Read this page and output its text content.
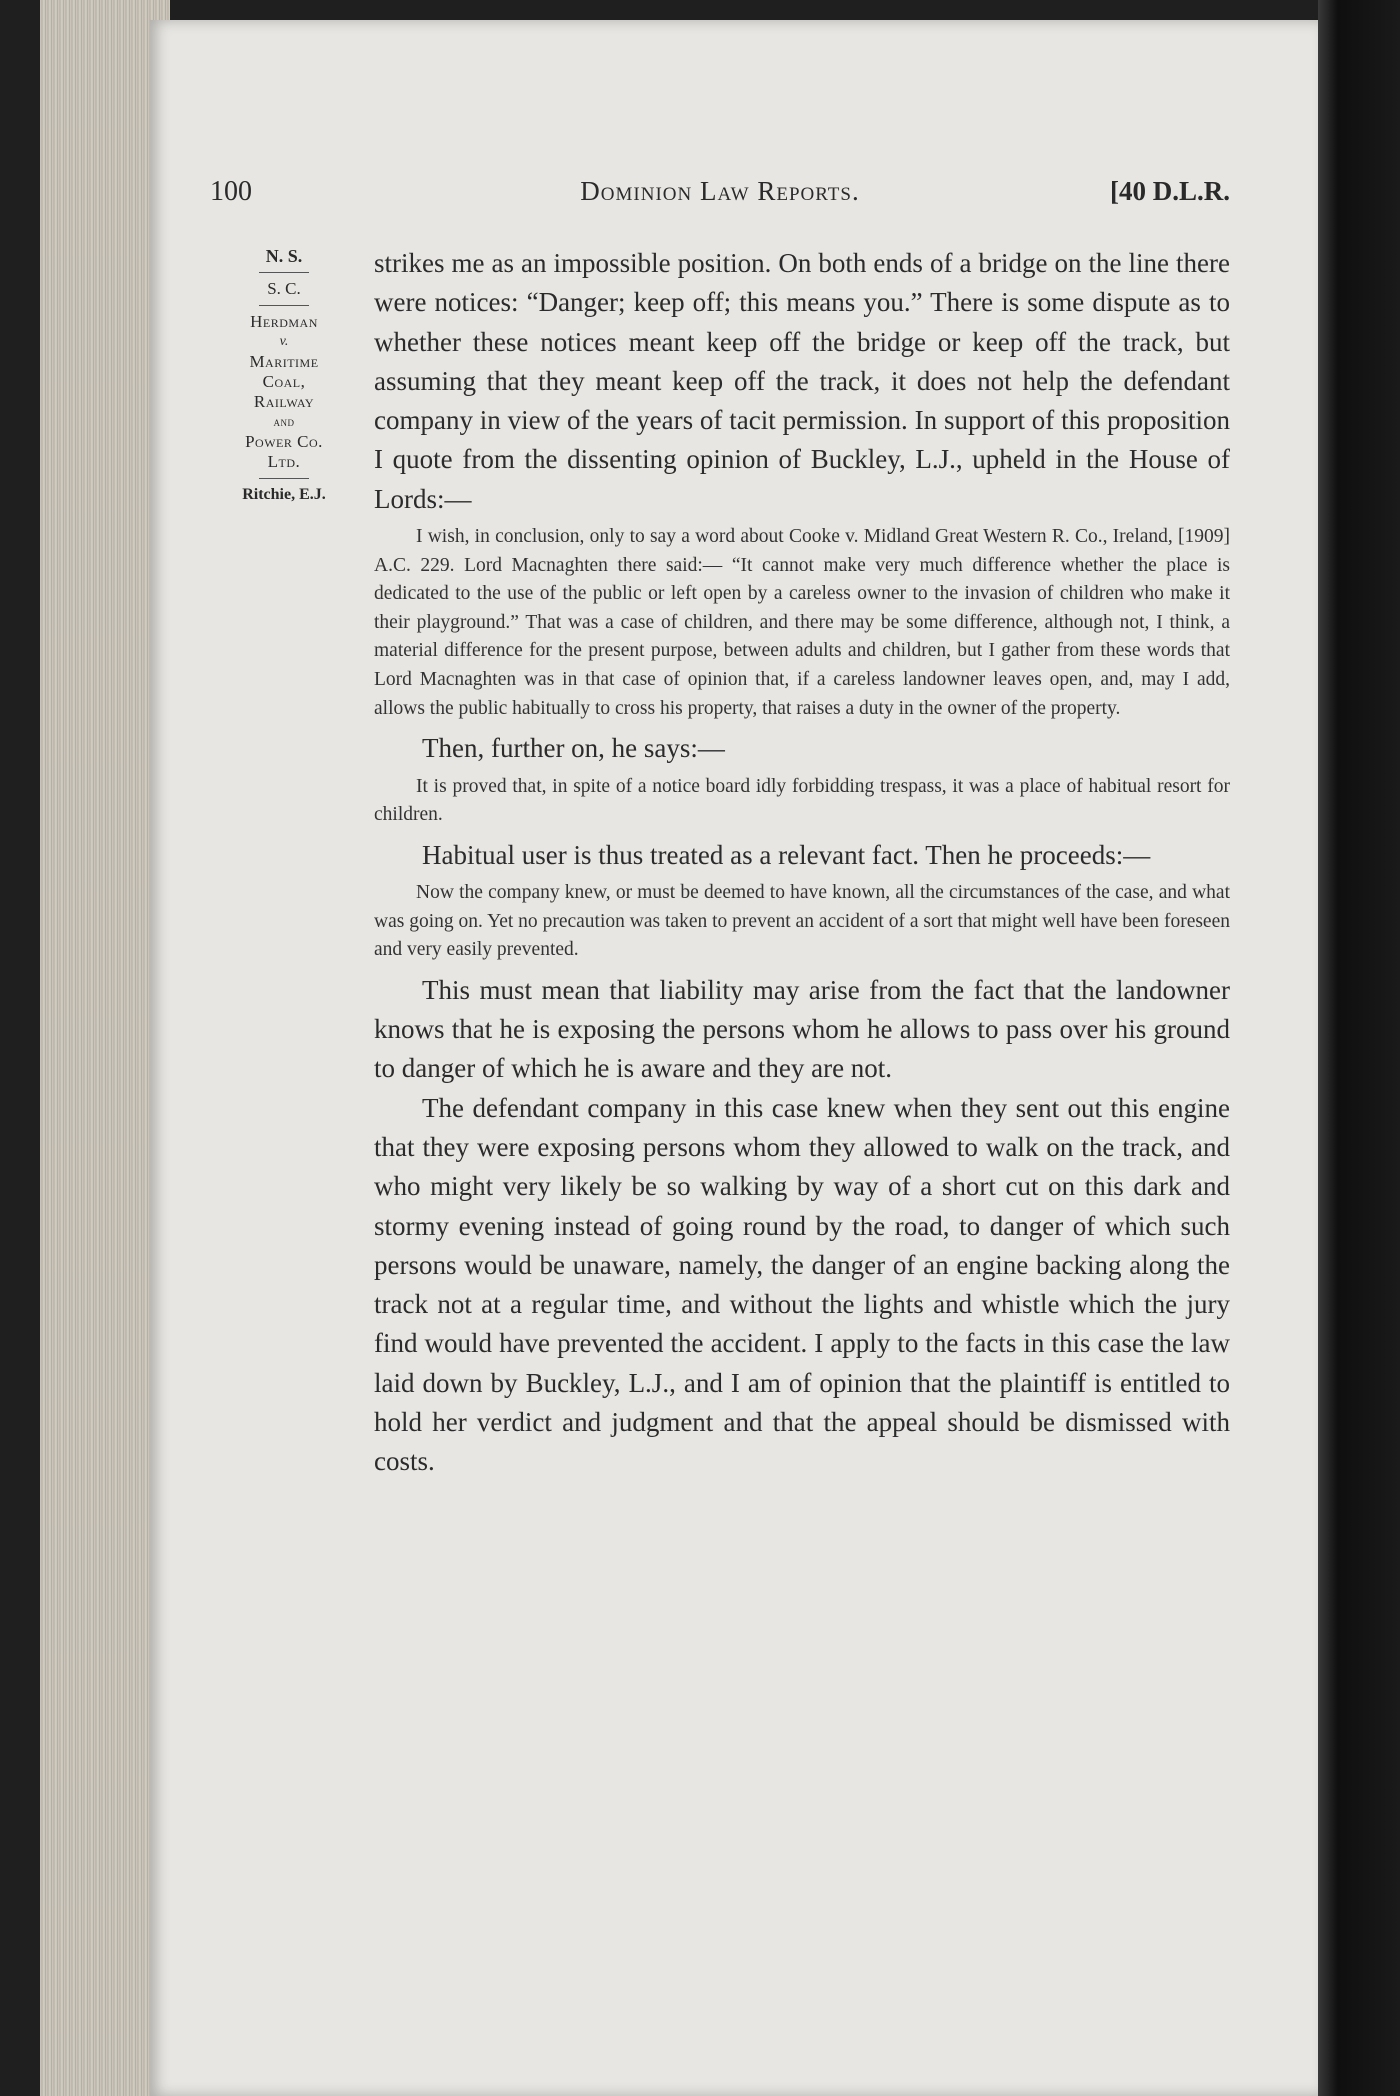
100	Dominion Law Reports.	[40 D.L.R.
N. S.
S. C.
Herdman
v.
Maritime
Coal,
Railway
and
Power Co.
Ltd.
Ritchie, E.J.

strikes me as an impossible position. On both ends of a bridge on the line there were notices: “Danger; keep off; this means you.” There is some dispute as to whether these notices meant keep off the bridge or keep off the track, but assuming that they meant keep off the track, it does not help the defendant company in view of the years of tacit permission. In support of this proposition I quote from the dissenting opinion of Buckley, L.J., upheld in the House of Lords:—

I wish, in conclusion, only to say a word about Cooke v. Midland Great Western R. Co., Ireland, [1909] A.C. 229. Lord Macnaghten there said:— “It cannot make very much difference whether the place is dedicated to the use of the public or left open by a careless owner to the invasion of children who make it their playground.” That was a case of children, and there may be some difference, although not, I think, a material difference for the present purpose, between adults and children, but I gather from these words that Lord Macnaghten was in that case of opinion that, if a careless landowner leaves open, and, may I add, allows the public habitually to cross his property, that raises a duty in the owner of the property.

Then, further on, he says:—

It is proved that, in spite of a notice board idly forbidding trespass, it was a place of habitual resort for children.

Habitual user is thus treated as a relevant fact. Then he proceeds:—

Now the company knew, or must be deemed to have known, all the circumstances of the case, and what was going on. Yet no precaution was taken to prevent an accident of a sort that might well have been foreseen and very easily prevented.

This must mean that liability may arise from the fact that the landowner knows that he is exposing the persons whom he allows to pass over his ground to danger of which he is aware and they are not.

The defendant company in this case knew when they sent out this engine that they were exposing persons whom they allowed to walk on the track, and who might very likely be so walking by way of a short cut on this dark and stormy evening instead of going round by the road, to danger of which such persons would be unaware, namely, the danger of an engine backing along the track not at a regular time, and without the lights and whistle which the jury find would have prevented the accident. I apply to the facts in this case the law laid down by Buckley, L.J., and I am of opinion that the plaintiff is entitled to hold her verdict and judgment and that the appeal should be dismissed with costs.
